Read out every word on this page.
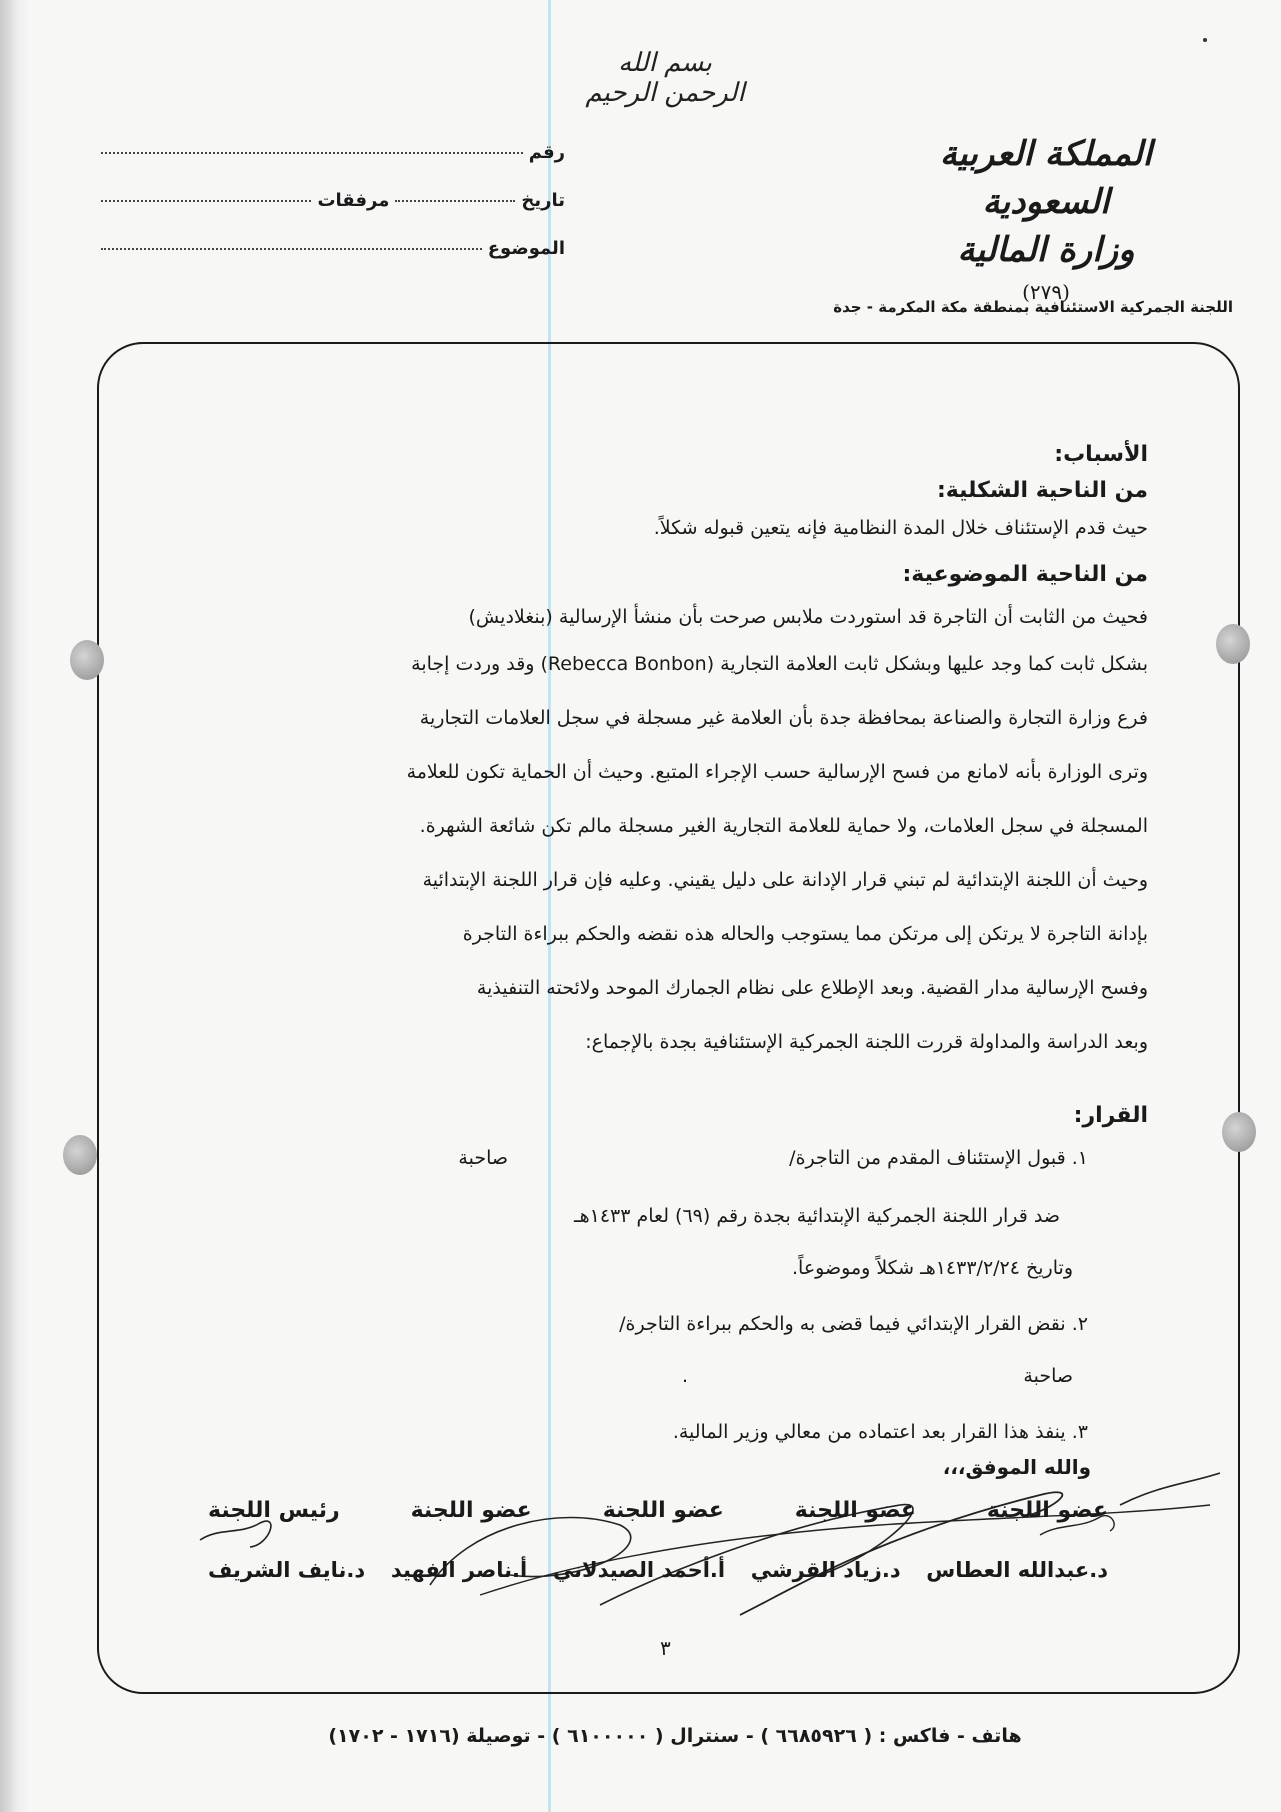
بسم الله الرحمن الرحيم
المملكة العربية السعودية
وزارة المالية
(٢٧٩)
اللجنة الجمركية الاستئنافية بمنطقة مكة المكرمة - جدة
رقم
تاريخ
مرفقات
الموضوع
الأسباب:
من الناحية الشكلية:

حيث قدم الإستئناف خلال المدة النظامية فإنه يتعين قبوله شكلاً.

من الناحية الموضوعية:

فحيث من الثابت أن التاجرة قد استوردت ملابس صرحت بأن منشأ الإرسالية (بنغلاديش)

بشكل ثابت كما وجد عليها وبشكل ثابت العلامة التجارية (Rebecca Bonbon) وقد وردت إجابة

فرع وزارة التجارة والصناعة بمحافظة جدة بأن العلامة غير مسجلة في سجل العلامات التجارية

وترى الوزارة بأنه لامانع من فسح الإرسالية حسب الإجراء المتبع. وحيث أن الحماية تكون للعلامة

المسجلة في سجل العلامات، ولا حماية للعلامة التجارية الغير مسجلة مالم تكن شائعة الشهرة.

وحيث أن اللجنة الإبتدائية لم تبني قرار الإدانة على دليل يقيني. وعليه فإن قرار اللجنة الإبتدائية

بإدانة التاجرة لا يرتكن إلى مرتكن مما يستوجب والحاله هذه نقضه والحكم ببراءة التاجرة

وفسح الإرسالية مدار القضية. وبعد الإطلاع على نظام الجمارك الموحد ولائحته التنفيذية

وبعد الدراسة والمداولة قررت اللجنة الجمركية الإستئنافية بجدة بالإجماع:

القرار:
١. قبول الإستئناف المقدم من التاجرة/
صاحبة
ضد قرار اللجنة الجمركية الإبتدائية بجدة رقم (٦٩) لعام ١٤٣٣هـ
وتاريخ ١٤٣٣/٢/٢٤هـ شكلاً وموضوعاً.
٢. نقض القرار الإبتدائي فيما قضى به والحكم ببراءة التاجرة/
صاحبة
.
٣. ينفذ هذا القرار بعد اعتماده من معالي وزير المالية.
والله الموفق،،،
عضو اللجنة
عضو اللجنة
عضو اللجنة
عضو اللجنة
رئيس اللجنة
د.عبدالله العطاس
د.زياد القرشي
أ.أحمد الصيدلاني
أ.ناصر الفهيد
د.نايف الشريف
٣
هاتف - فاكس : ( ٦٦٨٥٩٢٦ ) - سنترال ( ٦١٠٠٠٠٠ ) - توصيلة (١٧١٦ - ١٧٠٢)
